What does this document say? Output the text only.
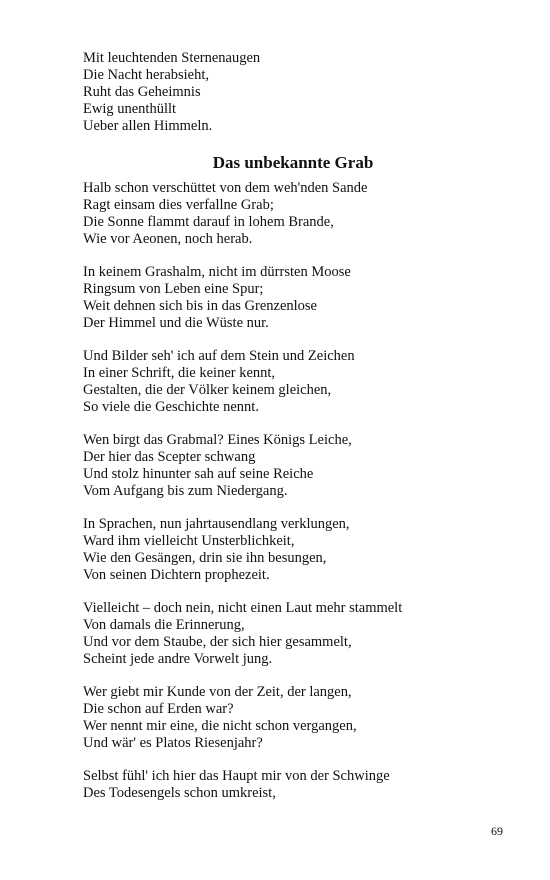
Mit leuchtenden Sternenaugen
Die Nacht herabsieht,
Ruht das Geheimnis
Ewig unenthüllt
Ueber allen Himmeln.
Das unbekannte Grab
Halb schon verschüttet von dem weh'nden Sande
Ragt einsam dies verfallne Grab;
Die Sonne flammt darauf in lohem Brande,
Wie vor Aeonen, noch herab.
In keinem Grashalm, nicht im dürrsten Moose
Ringsum von Leben eine Spur;
Weit dehnen sich bis in das Grenzenlose
Der Himmel und die Wüste nur.
Und Bilder seh' ich auf dem Stein und Zeichen
In einer Schrift, die keiner kennt,
Gestalten, die der Völker keinem gleichen,
So viele die Geschichte nennt.
Wen birgt das Grabmal? Eines Königs Leiche,
Der hier das Scepter schwang
Und stolz hinunter sah auf seine Reiche
Vom Aufgang bis zum Niedergang.
In Sprachen, nun jahrtausendlang verklungen,
Ward ihm vielleicht Unsterblichkeit,
Wie den Gesängen, drin sie ihn besungen,
Von seinen Dichtern prophezeit.
Vielleicht – doch nein, nicht einen Laut mehr stammelt
Von damals die Erinnerung,
Und vor dem Staube, der sich hier gesammelt,
Scheint jede andre Vorwelt jung.
Wer giebt mir Kunde von der Zeit, der langen,
Die schon auf Erden war?
Wer nennt mir eine, die nicht schon vergangen,
Und wär' es Platos Riesenjahr?
Selbst fühl' ich hier das Haupt mir von der Schwinge
Des Todesengels schon umkreist,
69
